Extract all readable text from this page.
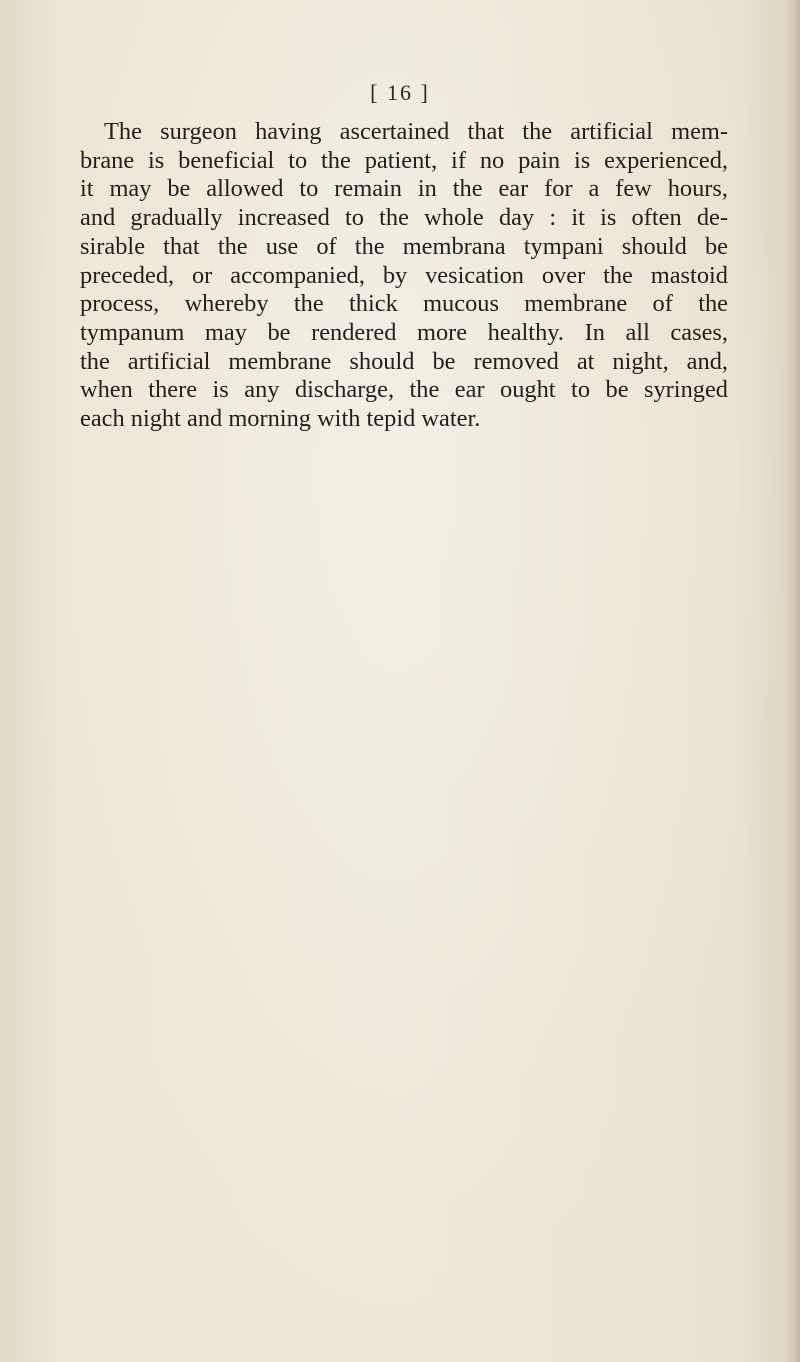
[ 16 ]
The surgeon having ascertained that the artificial mem-
brane is beneficial to the patient, if no pain is experienced,
it may be allowed to remain in the ear for a few hours,
and gradually increased to the whole day : it is often de-
sirable that the use of the membrana tympani should be
preceded, or accompanied, by vesication over the mastoid
process, whereby the thick mucous membrane of the
tympanum may be rendered more healthy. In all cases,
the artificial membrane should be removed at night, and,
when there is any discharge, the ear ought to be syringed
each night and morning with tepid water.
